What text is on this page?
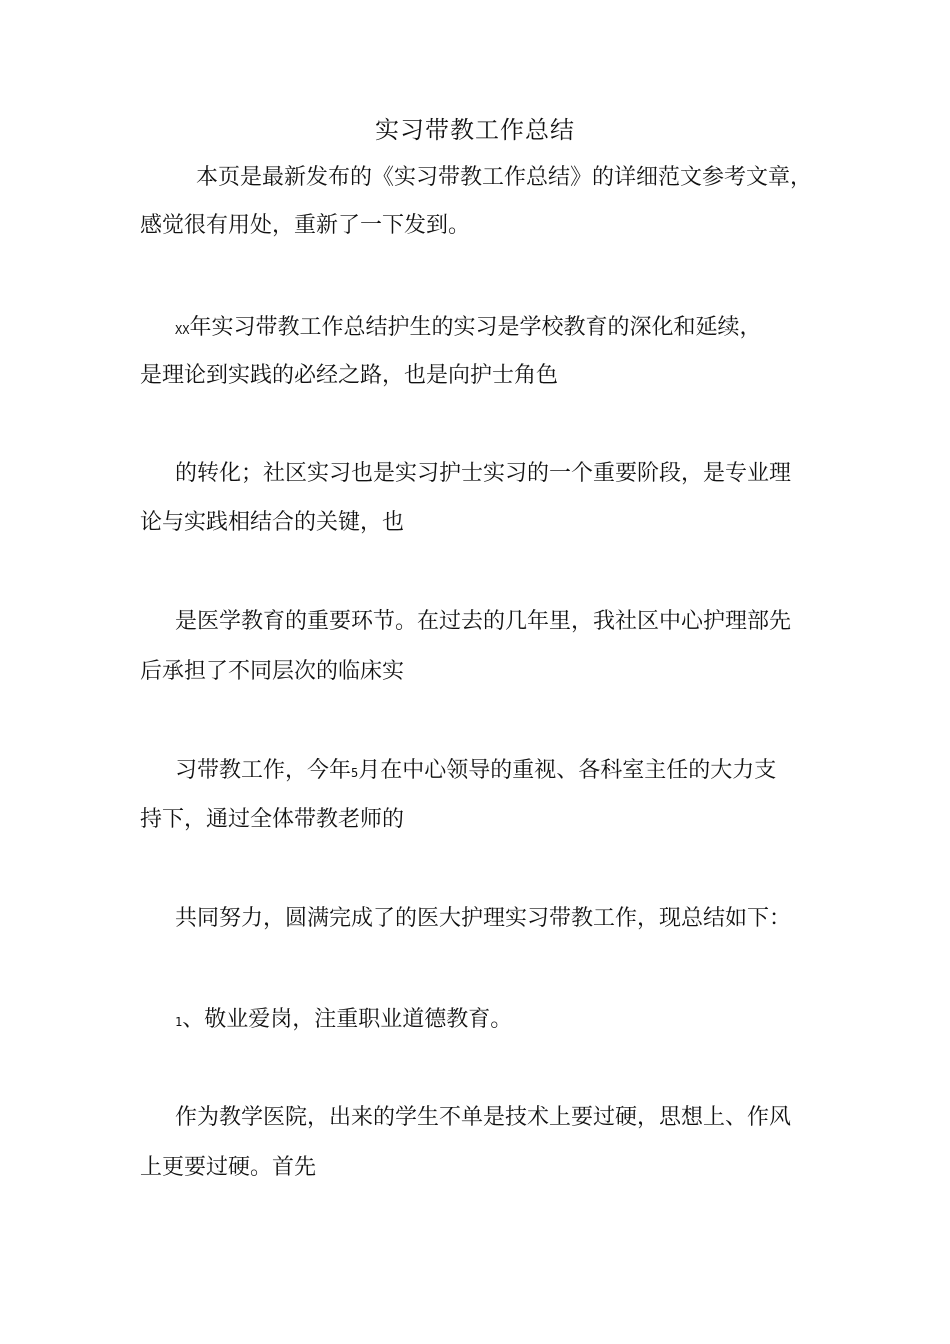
实习带教工作总结
本页是最新发布的《实习带教工作总结》的详细范文参考文章，
感觉很有用处，重新了一下发到。
XX年实习带教工作总结护生的实习是学校教育的深化和延续，
是理论到实践的必经之路，也是向护士角色
的转化；社区实习也是实习护士实习的一个重要阶段，是专业理
论与实践相结合的关键，也
是医学教育的重要环节。在过去的几年里，我社区中心护理部先
后承担了不同层次的临床实
习带教工作，今年5月在中心领导的重视、各科室主任的大力支
持下，通过全体带教老师的
共同努力，圆满完成了的医大护理实习带教工作，现总结如下：
1、敬业爱岗，注重职业道德教育。
作为教学医院，出来的学生不单是技术上要过硬，思想上、作风
上更要过硬。首先
